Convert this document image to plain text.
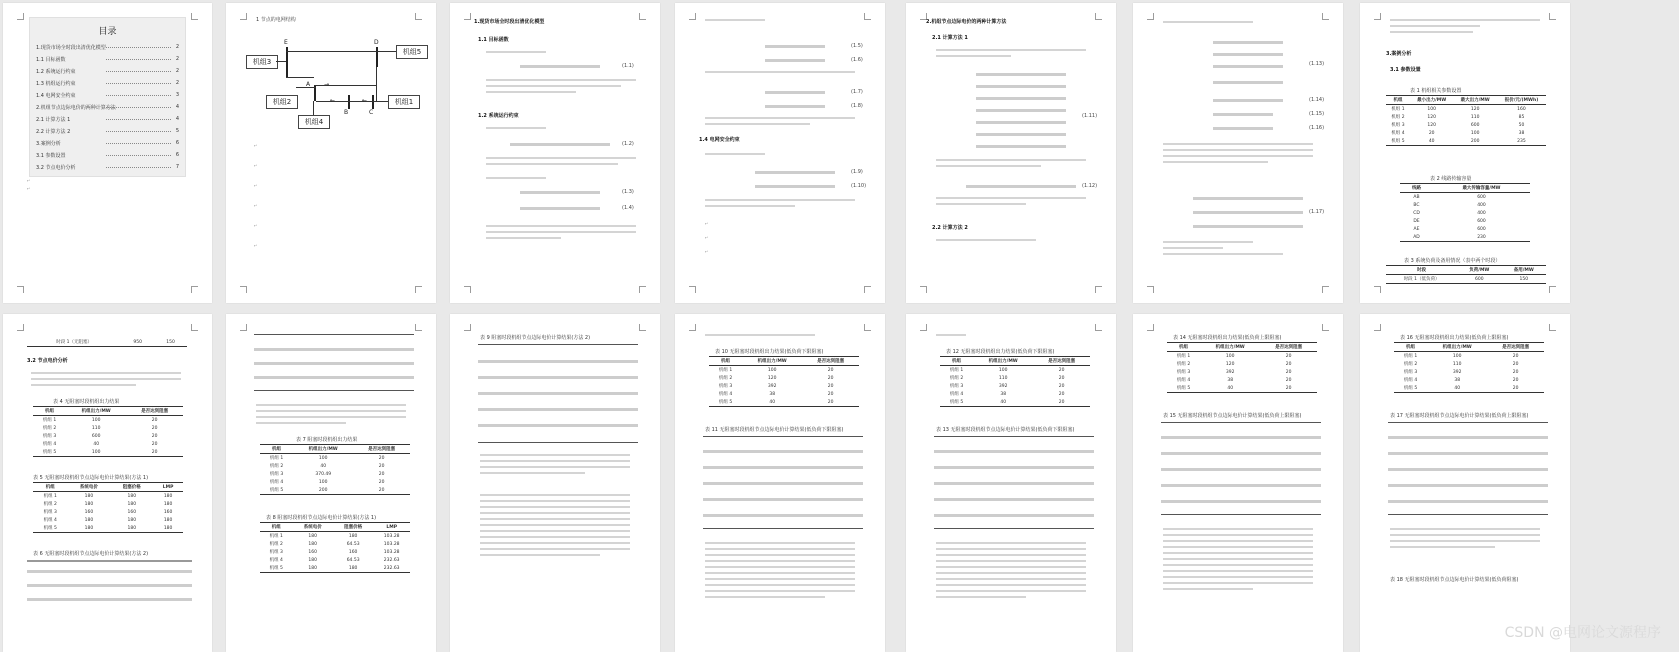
目录
1.现货市场全时段出清优化模型	2
1.1 目标函数	2
1.2 系统运行约束	2
1.3 机组运行约束	2
1.4 电网安全约束	3
2.机组节点边际电价的两种计算方法	4
2.1 计算方法 1	4
2.2 计算方法 2	5
3.案例分析	6
3.1 参数设置	6
3.2 节点电价分析	7
↵
↵
1 节点的电网结构
机组3
机组2
机组4
机组5
机组1
E	D
A
B	C
←	←
→
↵
↵
↵
↵
↵
↵
1.现货市场全时段出清优化模型
1.1 目标函数
(1.1)
1.2 系统运行约束
(1.2)
(1.3)
(1.4)
(1.5)
(1.6)
(1.7)
(1.8)
1.4 电网安全约束
(1.9)
(1.10)
↵
↵
↵
2.机组节点边际电价的两种计算方法
2.1 计算方法 1
(1.11)
(1.12)
2.2 计算方法 2
(1.13)
(1.14)
(1.15)
(1.16)
(1.17)
3.案例分析
3.1 参数设置
表 1 机组相关参数设置
机组	最小出力/MW	最大出力/MW	报价/元/(MWh)
机组 1	100	120	160
机组 2	120	110	85
机组 3	120	600	50
机组 4	20	100	38
机组 5	40	200	235
表 2 线路传输容量
线路	最大传输容量/MW
AB	600
BC	400
CD	400
DE	600
AE	600
AD	230
表 3 系统负荷及备用情况（表中两个时段）
时段	负荷/MW	备用/MW
时段 1（低负荷）	600	150
时段 1（无阻塞）	950	150
3.2 节点电价分析
表 4 无阻塞时段机组出力结果
机组	机组出力/MW	是否达到阻塞
机组 1	100	20
机组 2	110	20
机组 3	600	20
机组 4	40	20
机组 5	100	20
表 5 无阻塞时段机组节点边际电价计算结果(方法 1)
机组	系统电价	阻塞价格	LMP
机组 1	180	180	180
机组 2	180	180	180
机组 3	160	160	160
机组 4	180	180	180
机组 5	180	180	180
表 6 无阻塞时段机组节点边际电价计算结果(方法 2)
表 7 阻塞时段机组出力结果
机组	机组出力/MW	是否达到阻塞
机组 1	100	20
机组 2	40	20
机组 3	370.49	20
机组 4	100	20
机组 5	200	20
表 8 阻塞时段机组节点边际电价计算结果(方法 1)
机组	系统电价	阻塞价格	LMP
机组 1	180	180	103.28
机组 2	180	64.53	103.28
机组 3	160	160	103.28
机组 4	180	64.53	232.63
机组 5	180	180	232.63
表 9 阻塞时段机组节点边际电价计算结果(方法 2)
表 10 无阻塞时段机组出力结果(低负荷下限阻塞)
机组	机组出力/MW	是否达到阻塞
机组 1	100	20
机组 2	120	20
机组 3	392	20
机组 4	38	20
机组 5	40	20
表 11 无阻塞时段机组节点边际电价计算结果(低负荷下限阻塞)
表 12 无阻塞时段机组出力结果(低负荷下限阻塞)
机组	机组出力/MW	是否达到阻塞
机组 1	100	20
机组 2	110	20
机组 3	392	20
机组 4	38	20
机组 5	40	20
表 13 无阻塞时段机组节点边际电价计算结果(低负荷下限阻塞)
表 14 无阻塞时段机组出力结果(低负荷上限阻塞)
机组	机组出力/MW	是否达到阻塞
机组 1	100	20
机组 2	120	20
机组 3	392	20
机组 4	38	20
机组 5	40	20
表 15 无阻塞时段机组节点边际电价计算结果(低负荷上限阻塞)
表 16 无阻塞时段机组出力结果(低负荷上限阻塞)
机组	机组出力/MW	是否达到阻塞
机组 1	100	20
机组 2	110	20
机组 3	392	20
机组 4	38	20
机组 5	40	20
表 17 无阻塞时段机组节点边际电价计算结果(低负荷上限阻塞)
表 18 无阻塞时段机组节点边际电价计算结果(低负荷阻塞)
CSDN @电网论文源程序
